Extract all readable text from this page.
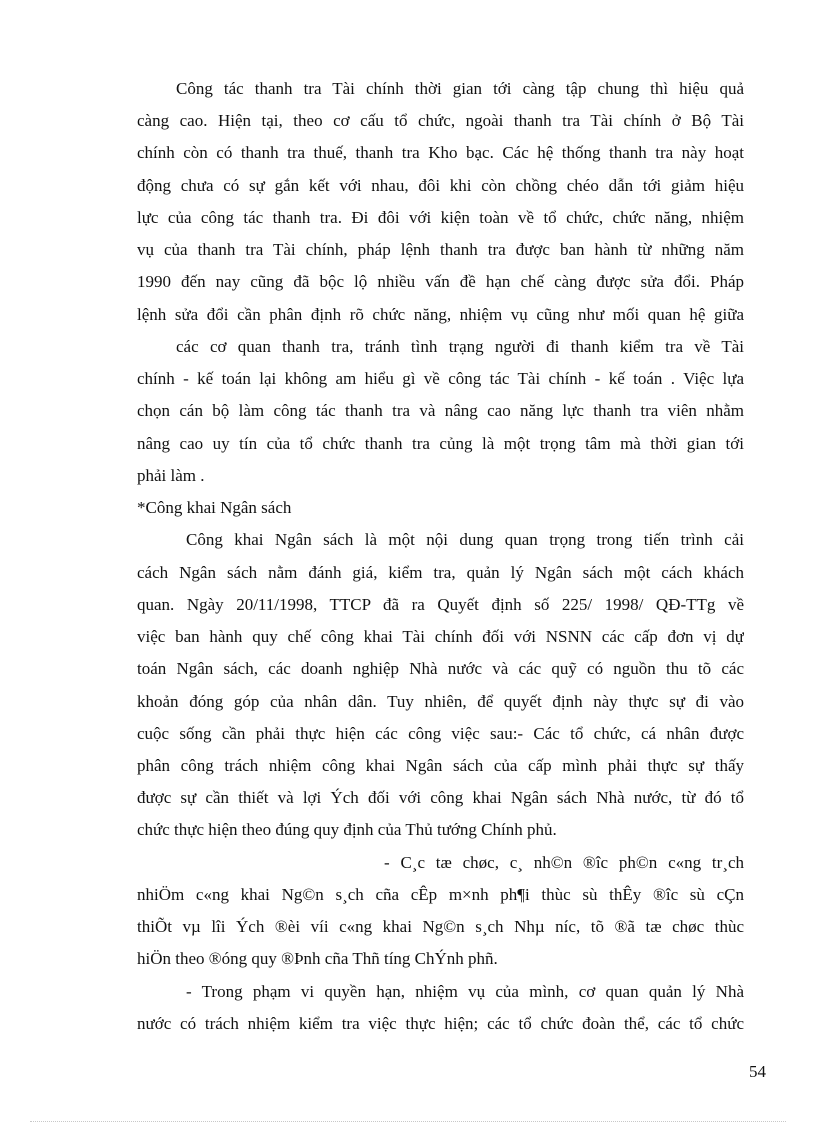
Công tác thanh tra Tài chính thời gian tới càng tập chung thì hiệu quả
càng cao. Hiện tại, theo cơ cấu tổ chức, ngoài thanh tra Tài chính ở Bộ Tài
chính còn có thanh tra thuế, thanh tra Kho bạc. Các hệ thống thanh tra này hoạt
động chưa có sự gắn kết với nhau, đôi khi còn chồng chéo dẫn tới giảm hiệu
lực của công tác thanh tra. Đi đôi với kiện toàn về tổ chức, chức năng, nhiệm
vụ của thanh tra Tài chính, pháp lệnh thanh tra được ban hành từ những năm
1990 đến nay cũng đã bộc lộ nhiều vấn đề hạn chế càng được sửa đổi. Pháp
lệnh sửa đổi cần phân định rõ chức năng, nhiệm vụ cũng như mối quan hệ giữa
các cơ quan thanh tra, tránh tình trạng người đi thanh kiểm tra về Tài
chính - kế toán lại không am hiểu gì về công tác Tài chính - kế toán . Việc lựa
chọn cán bộ làm công tác thanh tra và nâng cao năng lực thanh tra viên nhằm
nâng cao uy tín của tổ chức thanh tra củng là một trọng tâm mà thời gian tới
phải làm .
*Công khai Ngân sách
Công khai Ngân sách là một nội dung quan trọng trong tiến trình cải
cách Ngân sách nằm đánh giá, kiểm tra, quản lý Ngân sách một cách khách
quan. Ngày 20/11/1998, TTCP đã ra Quyết định số 225/ 1998/ QĐ-TTg về
việc ban hành quy chế công khai Tài chính đối với NSNN các cấp đơn vị dự
toán Ngân sách, các doanh nghiệp Nhà nước và các quỹ có nguồn thu tõ các
khoản đóng góp của nhân dân. Tuy nhiên, để quyết định này thực sự đi vào
cuộc sống cần phải thực hiện các công việc sau:- Các tổ chức, cá nhân được
phân công trách nhiệm công khai Ngân sách của cấp mình phải thực sự thấy
được sự cần thiết và lợi Ých đối với công khai Ngân sách Nhà nước, từ đó tổ
chức thực hiện theo đúng quy định của Thủ tướng Chính phủ.
- C¸c tæ chøc, c¸ nh©n ®îc ph©n c«ng tr¸ch
nhiÖm c«ng khai Ng©n s¸ch cña cÊp m×nh ph¶i thùc sù thÊy ®îc sù cÇn
thiÕt vµ lîi Ých ®èi víi c«ng khai Ng©n s¸ch Nhµ níc, tõ ®ã tæ chøc thùc
hiÖn theo ®óng quy ®Þnh cña Thñ tíng ChÝnh phñ.
- Trong phạm vi quyền hạn, nhiệm vụ của mình, cơ quan quản lý Nhà
nước có trách nhiệm kiểm tra việc thực hiện; các tổ chức đoàn thể, các tổ chức
54
